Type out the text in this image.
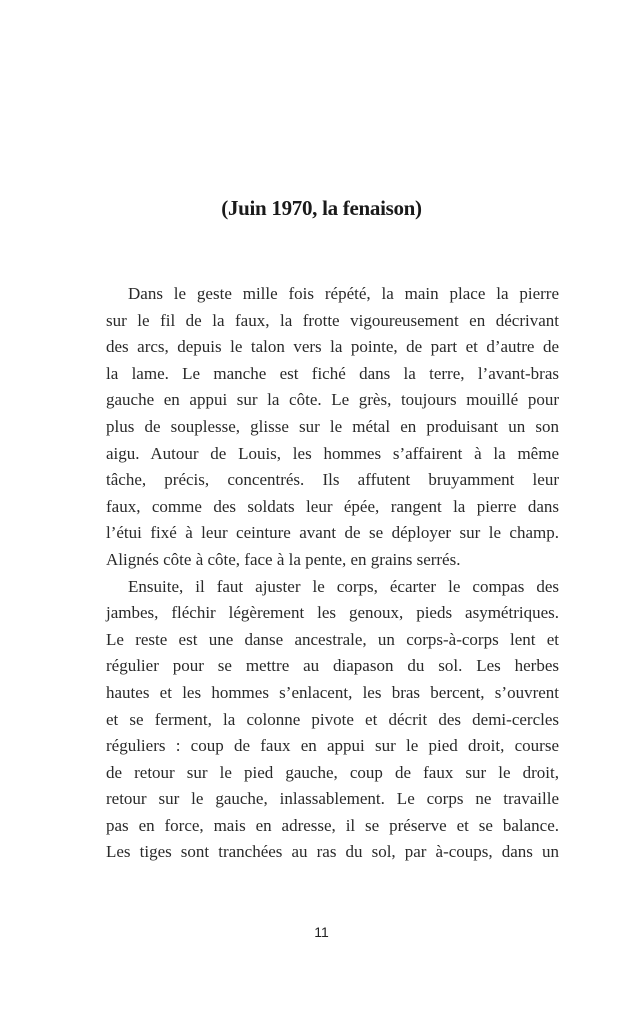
(Juin 1970, la fenaison)
Dans le geste mille fois répété, la main place la pierre
sur le fil de la faux, la frotte vigoureusement en décrivant
des arcs, depuis le talon vers la pointe, de part et d’autre de
la lame. Le manche est fiché dans la terre, l’avant-bras
gauche en appui sur la côte. Le grès, toujours mouillé pour
plus de souplesse, glisse sur le métal en produisant un son
aigu. Autour de Louis, les hommes s’affairent à la même
tâche, précis, concentrés. Ils affutent bruyamment leur
faux, comme des soldats leur épée, rangent la pierre dans
l’étui fixé à leur ceinture avant de se déployer sur le champ.
Alignés côte à côte, face à la pente, en grains serrés.
Ensuite, il faut ajuster le corps, écarter le compas des
jambes, fléchir légèrement les genoux, pieds asymétriques.
Le reste est une danse ancestrale, un corps-à-corps lent et
régulier pour se mettre au diapason du sol. Les herbes
hautes et les hommes s’enlacent, les bras bercent, s’ouvrent
et se ferment, la colonne pivote et décrit des demi-cercles
réguliers : coup de faux en appui sur le pied droit, course
de retour sur le pied gauche, coup de faux sur le droit,
retour sur le gauche, inlassablement. Le corps ne travaille
pas en force, mais en adresse, il se préserve et se balance.
Les tiges sont tranchées au ras du sol, par à-coups, dans un
11
